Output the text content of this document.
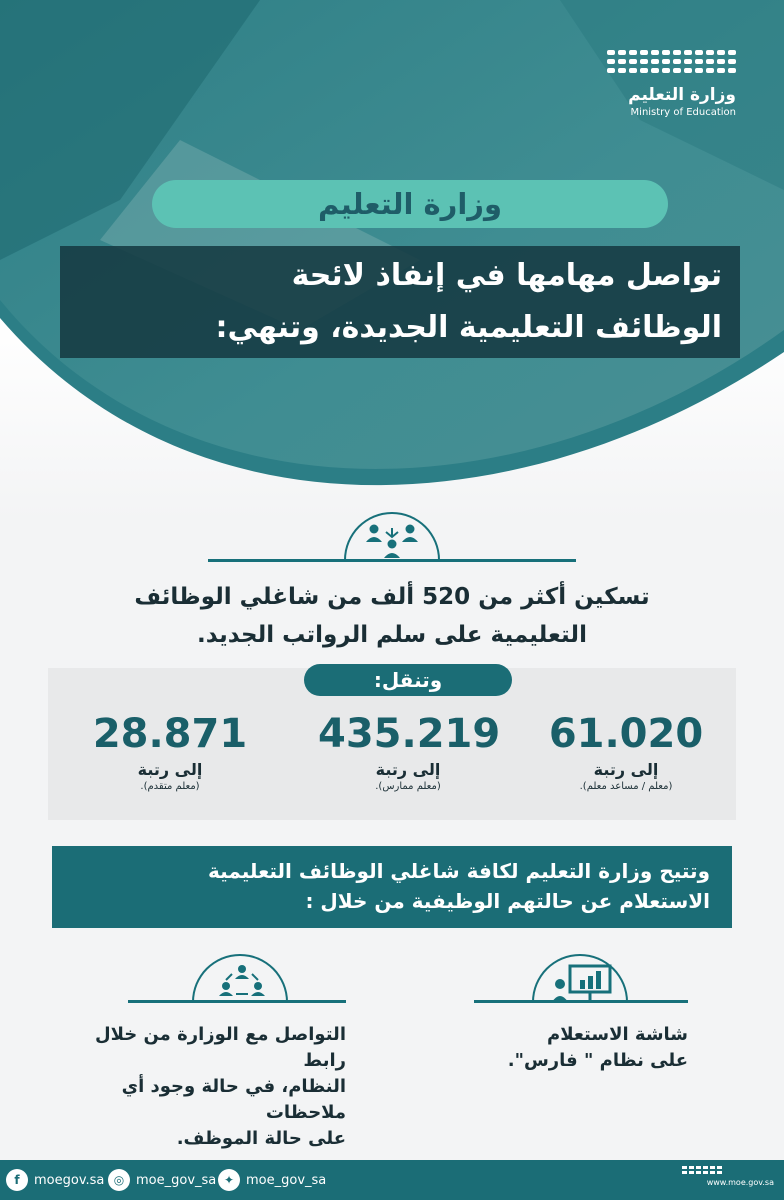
وزارة التعليم
Ministry of Education
وزارة التعليم
تواصل مهامها في إنفاذ لائحة
الوظائف التعليمية الجديدة، وتنهي:
تسكين أكثر من 520 ألف من شاغلي الوظائف
التعليمية على سلم الرواتب الجديد.
وتنقل:
61.020
إلى رتبة
(معلم / مساعد معلم).
435.219
إلى رتبة
(معلم ممارس).
28.871
إلى رتبة
(معلم متقدم).
وتتيح وزارة التعليم لكافة شاغلي الوظائف التعليمية
الاستعلام عن حالتهم الوظيفية من خلال :
شاشة الاستعلام
على نظام " فارس".
التواصل مع الوزارة من خلال رابط
النظام، في حالة وجود أي ملاحظات
على حالة الموظف.
f	moegov.sa ◎ moe_gov_sa ✦ moe_gov_sa	www.moe.gov.sa
